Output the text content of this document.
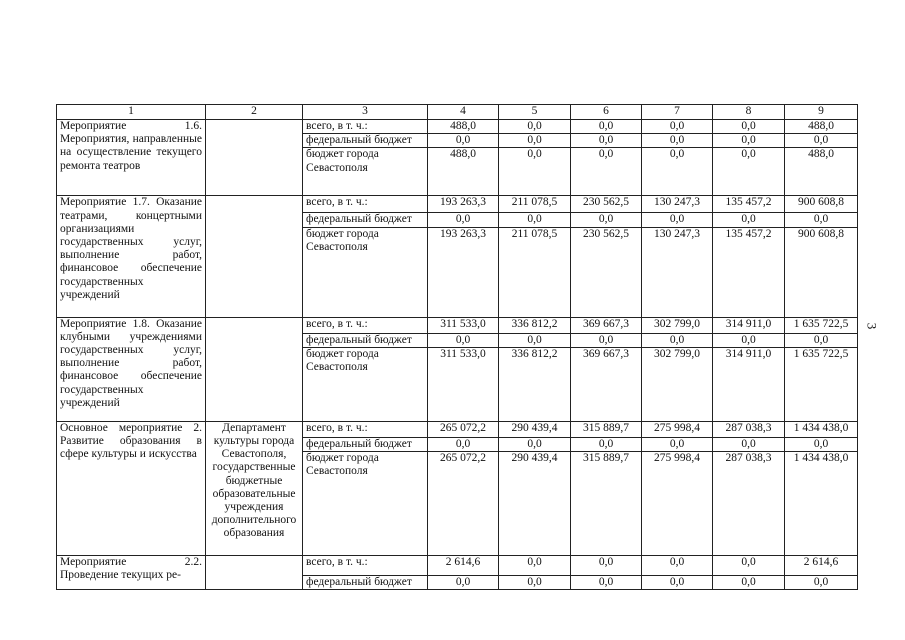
1	2	3	4	5	6	7	8	9
Мероприятие 1.6. Мероприятия, направленные на осуществление текущего ремонта театров		всего, в т. ч.:	488,0	0,0	0,0	0,0	0,0	488,0
		федеральный бюджет	0,0	0,0	0,0	0,0	0,0	0,0
		бюджет города Севастополя	488,0	0,0	0,0	0,0	0,0	488,0
Мероприятие 1.7. Оказание театрами, концертными организациями государственных услуг, выполнение работ, финансовое обеспечение государственных учреждений		всего, в т. ч.:	193 263,3	211 078,5	230 562,5	130 247,3	135 457,2	900 608,8
		федеральный бюджет	0,0	0,0	0,0	0,0	0,0	0,0
		бюджет города Севастополя	193 263,3	211 078,5	230 562,5	130 247,3	135 457,2	900 608,8
Мероприятие 1.8. Оказание клубными учреждениями государственных услуг, выполнение работ, финансовое обеспечение государственных учреждений		всего, в т. ч.:	311 533,0	336 812,2	369 667,3	302 799,0	314 911,0	1 635 722,5
		федеральный бюджет	0,0	0,0	0,0	0,0	0,0	0,0
		бюджет города Севастополя	311 533,0	336 812,2	369 667,3	302 799,0	314 911,0	1 635 722,5
Основное мероприятие 2. Развитие образования в сфере культуры и искусства	Департамент культуры города Севастополя, государственные бюджетные образовательные учреждения дополнительного образования	всего, в т. ч.:	265 072,2	290 439,4	315 889,7	275 998,4	287 038,3	1 434 438,0
		федеральный бюджет	0,0	0,0	0,0	0,0	0,0	0,0
		бюджет города Севастополя	265 072,2	290 439,4	315 889,7	275 998,4	287 038,3	1 434 438,0
Мероприятие 2.2. Проведение текущих ре-		всего, в т. ч.:	2 614,6	0,0	0,0	0,0	0,0	2 614,6
		федеральный бюджет	0,0	0,0	0,0	0,0	0,0	0,0
3
